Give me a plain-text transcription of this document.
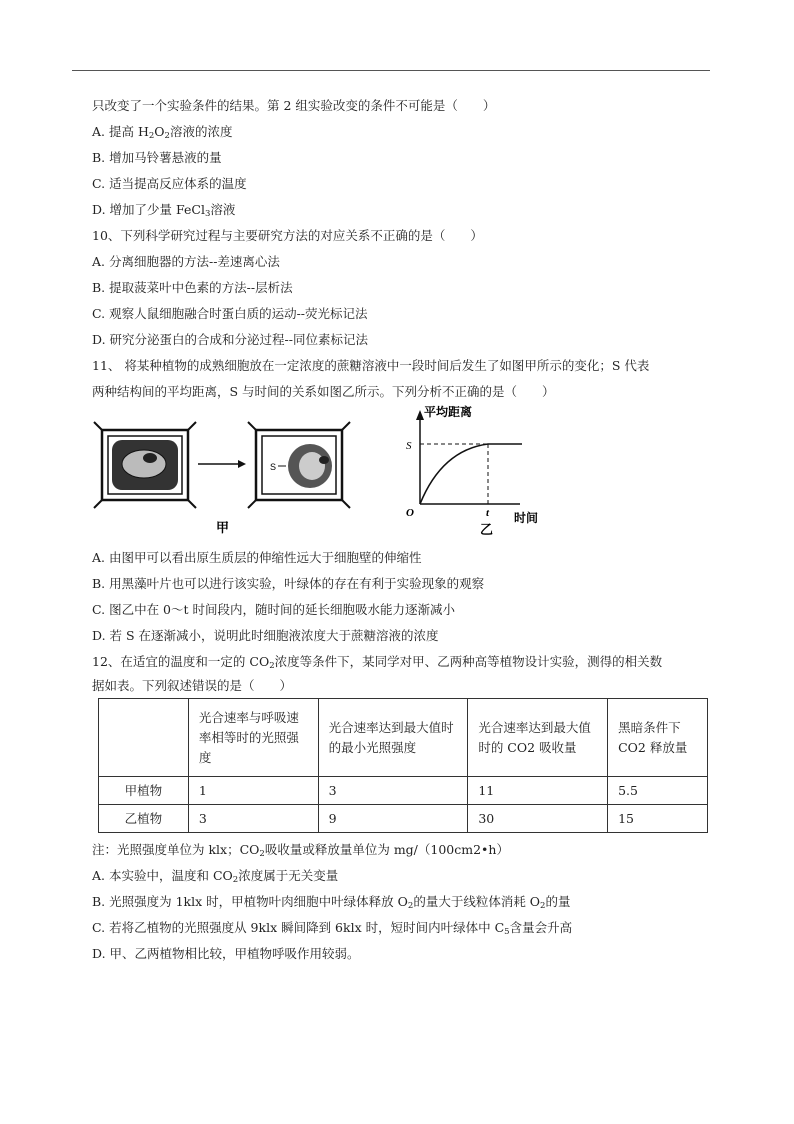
只改变了一个实验条件的结果。第 2 组实验改变的条件不可能是（　　）
A. 提高 $H_2O_2$溶液的浓度
B. 增加马铃薯悬液的量
C. 适当提高反应体系的温度
D. 增加了少量 FeCl$_3$溶液
10、下列科学研究过程与主要研究方法的对应关系不正确的是（　　）
A. 分离细胞器的方法--差速离心法
B. 提取菠菜叶中色素的方法--层析法
C. 观察人鼠细胞融合时蛋白质的运动--荧光标记法
D. 研究分泌蛋白的合成和分泌过程--同位素标记法
11、 将某种植物的成熟细胞放在一定浓度的蔗糖溶液中一段时间后发生了如图甲所示的变化；S 代表
两种结构间的平均距离，S 与时间的关系如图乙所示。下列分析不正确的是（　　）
S
甲
平均距离
S
O	t 时间
乙
A. 由图甲可以看出原生质层的伸缩性远大于细胞壁的伸缩性
B. 用黑藻叶片也可以进行该实验，叶绿体的存在有利于实验现象的观察
C. 图乙中在 0～t 时间段内，随时间的延长细胞吸水能力逐渐减小
D. 若 S 在逐渐减小，说明此时细胞液浓度大于蔗糖溶液的浓度
12、在适宜的温度和一定的 $CO_2$浓度等条件下，某同学对甲、乙两种高等植物设计实验，测得的相关数
据如表。下列叙述错误的是（　　）
	光合速率与呼吸速率相等时的光照强度	光合速率达到最大值时的最小光照强度	光合速率达到最大值时的 CO2 吸收量	黑暗条件下 CO2 释放量
甲植物	1	3	11	5.5
乙植物	3	9	30	15
注：光照强度单位为 klx；$CO_2$吸收量或释放量单位为 mg/（100cm2•h）
A. 本实验中，温度和 $CO_2$浓度属于无关变量
B. 光照强度为 1klx 时，甲植物叶肉细胞中叶绿体释放 $O_2$的量大于线粒体消耗 $O_2$的量
C. 若将乙植物的光照强度从 9klx 瞬间降到 6klx 时，短时间内叶绿体中 $C_5$含量会升高
D. 甲、乙两植物相比较，甲植物呼吸作用较弱。
